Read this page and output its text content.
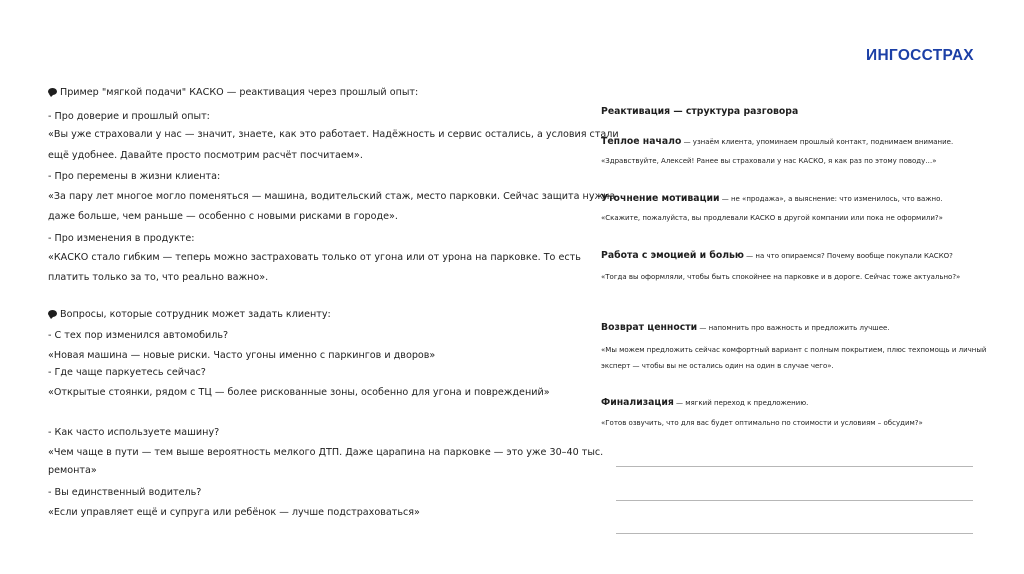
ИНГОССТРАХ
Пример "мягкой подачи" КАСКО — реактивация через прошлый опыт:
- Про доверие и прошлый опыт:
«Вы уже страховали у нас — значит, знаете, как это работает. Надёжность и сервис остались, а условия стали
ещё удобнее. Давайте просто посмотрим расчёт посчитаем».
- Про перемены в жизни клиента:
«За пару лет многое могло поменяться — машина, водительский стаж, место парковки. Сейчас защита нужна
даже больше, чем раньше — особенно с новыми рисками в городе».
- Про изменения в продукте:
«КАСКО стало гибким — теперь можно застраховать только от угона или от урона на парковке. То есть
платить только за то, что реально важно».
Вопросы, которые сотрудник может задать клиенту:
- С тех пор изменился автомобиль?
«Новая машина — новые риски. Часто угоны именно с паркингов и дворов»
- Где чаще паркуетесь сейчас?
«Открытые стоянки, рядом с ТЦ — более рискованные зоны, особенно для угона и повреждений»
- Как часто используете машину?
«Чем чаще в пути — тем выше вероятность мелкого ДТП. Даже царапина на парковке — это уже 30–40 тыс.
ремонта»
- Вы единственный водитель?
«Если управляет ещё и супруга или ребёнок — лучше подстраховаться»
Реактивация — структура разговора
Теплое начало — узнаём клиента, упоминаем прошлый контакт, поднимаем внимание.
«Здравствуйте, Алексей! Ранее вы страховали у нас КАСКО, я как раз по этому поводу…»
Уточнение мотивации — не «продажа», а выяснение: что изменилось, что важно.
«Скажите, пожалуйста, вы продлевали КАСКО в другой компании или пока не оформили?»
Работа с эмоцией и болью — на что опираемся? Почему вообще покупали КАСКО?
«Тогда вы оформляли, чтобы быть спокойнее на парковке и в дороге. Сейчас тоже актуально?»
Возврат ценности — напомнить про важность и предложить лучшее.
«Мы можем предложить сейчас комфортный вариант с полным покрытием, плюс техпомощь и личный
эксперт — чтобы вы не остались один на один в случае чего».
Финализация — мягкий переход к предложению.
«Готов озвучить, что для вас будет оптимально по стоимости и условиям – обсудим?»
